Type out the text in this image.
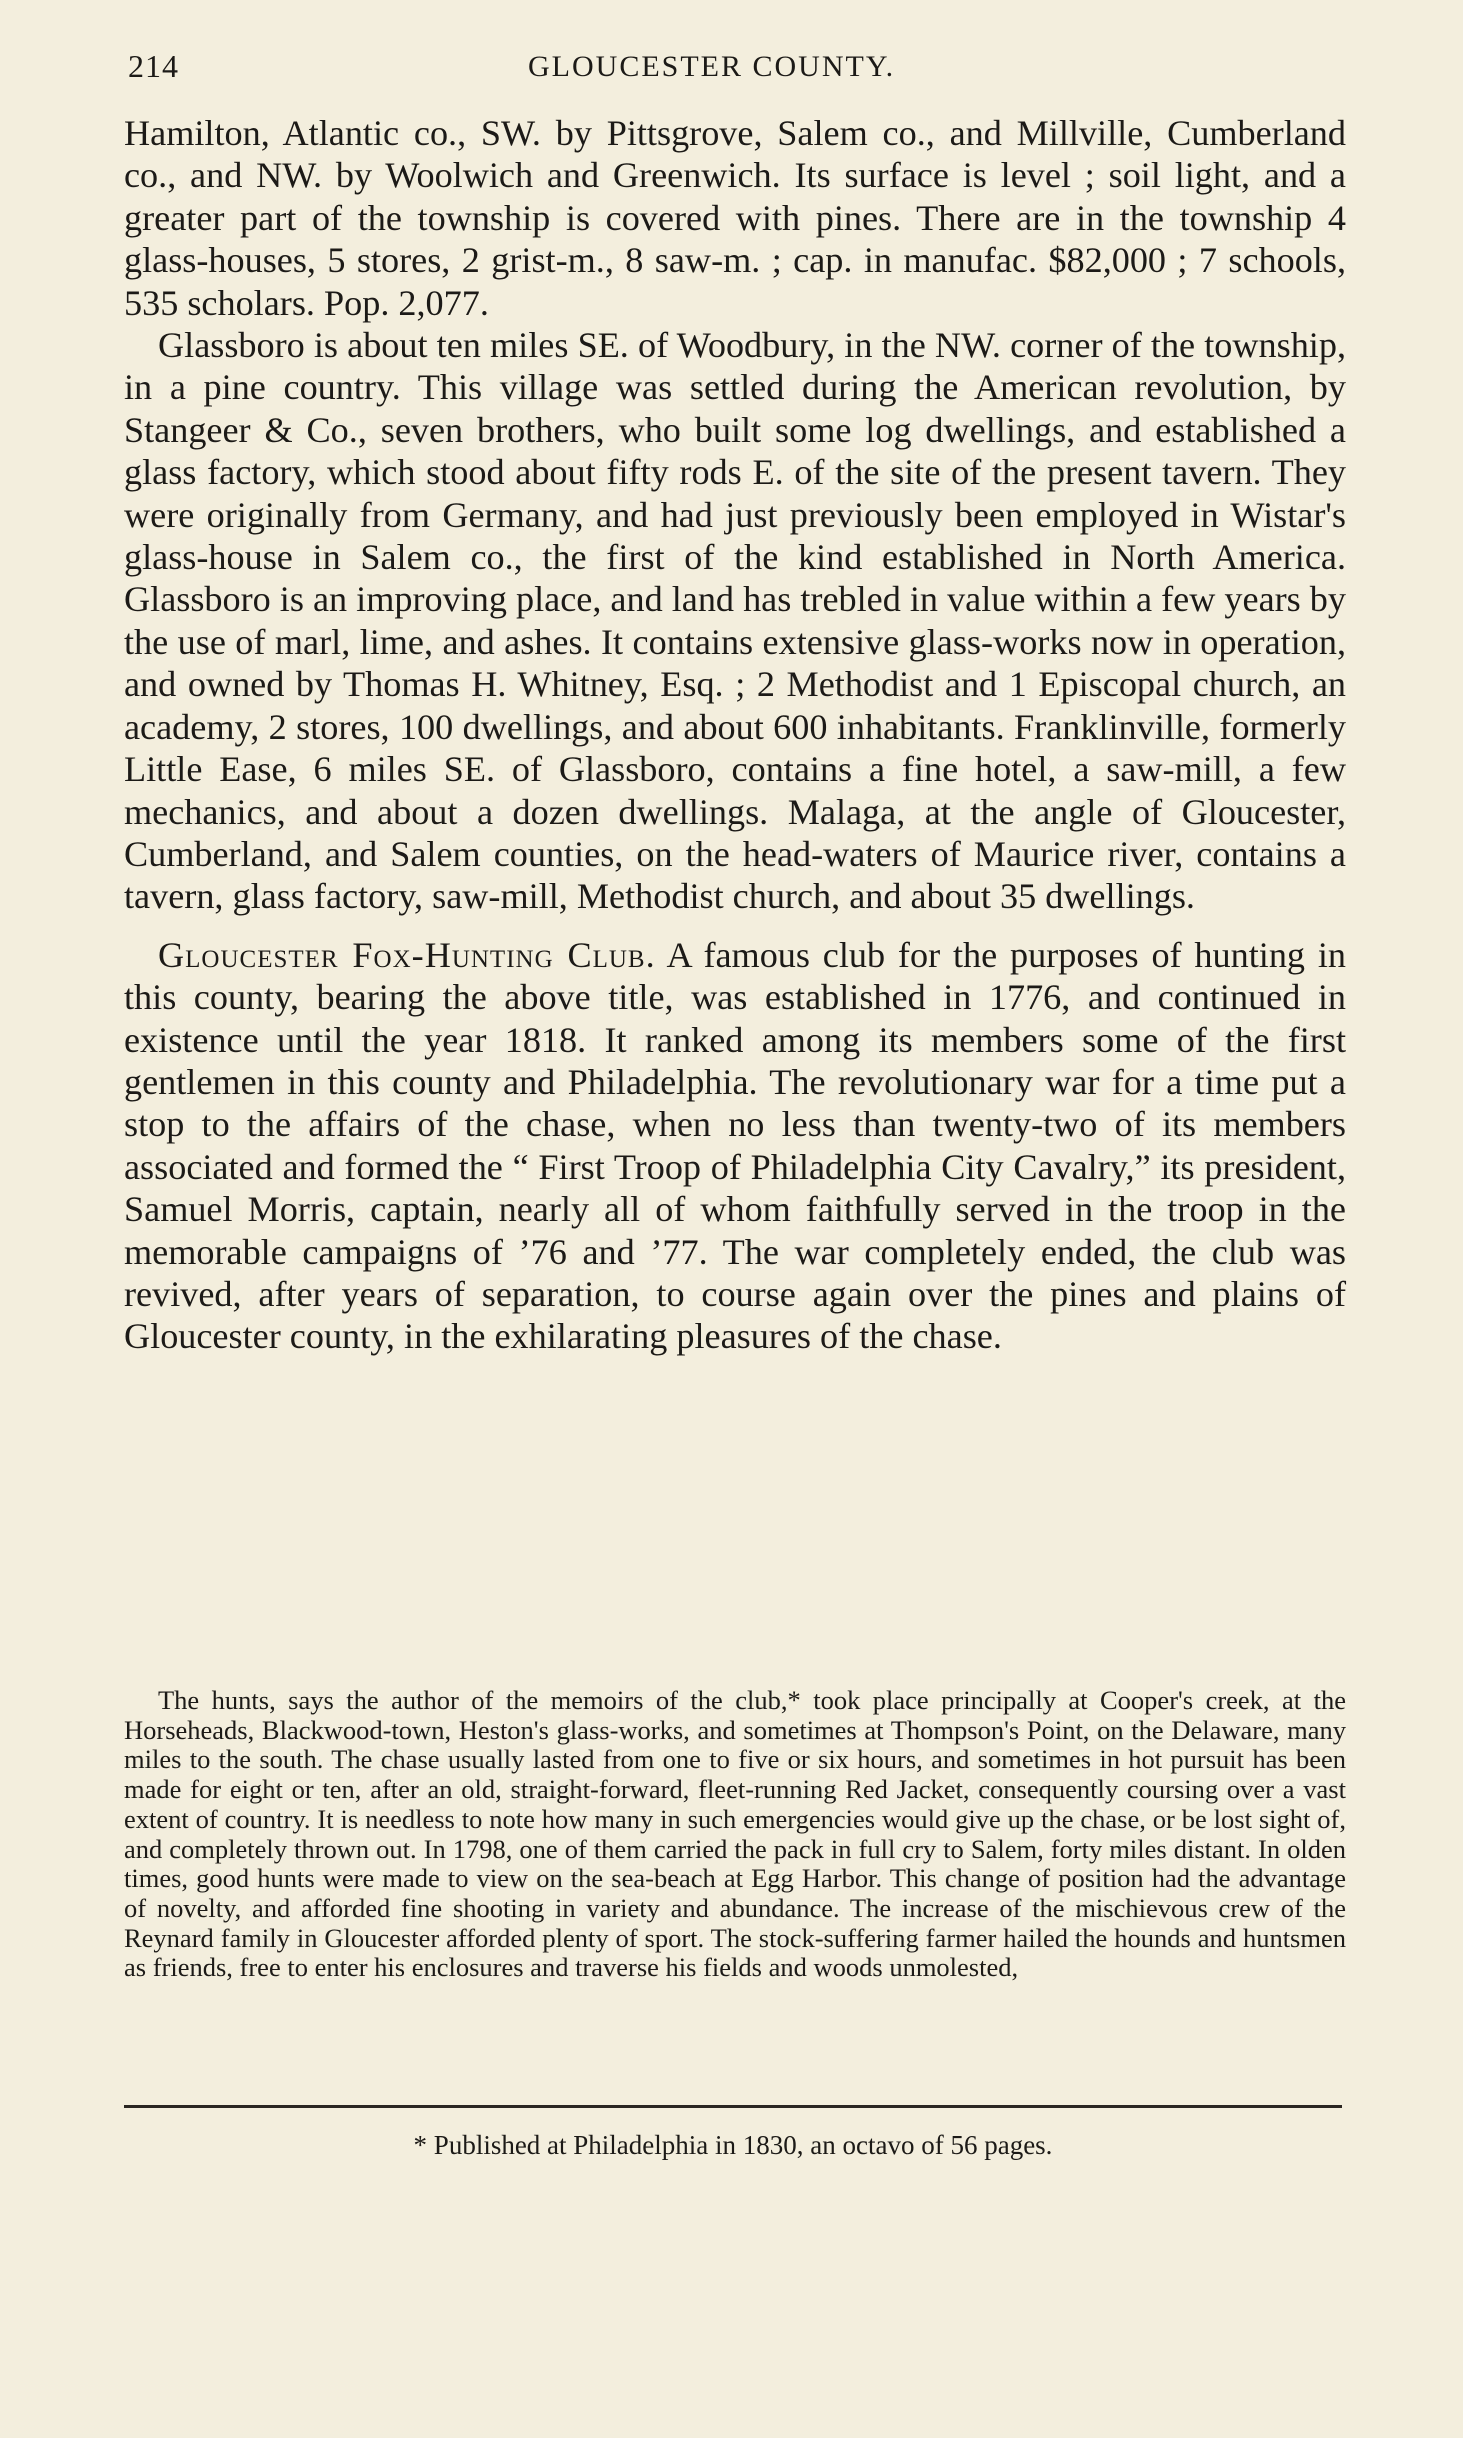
214	GLOUCESTER COUNTY.

Hamilton, Atlantic co., SW. by Pittsgrove, Salem co., and Millville, Cumberland co., and NW. by Woolwich and Greenwich. Its surface is level ; soil light, and a greater part of the township is covered with pines. There are in the township 4 glass-houses, 5 stores, 2 grist-m., 8 saw-m. ; cap. in manufac. $82,000 ; 7 schools, 535 scholars. Pop. 2,077.

Glassboro is about ten miles SE. of Woodbury, in the NW. corner of the township, in a pine country. This village was settled during the American revolution, by Stangeer & Co., seven brothers, who built some log dwellings, and established a glass factory, which stood about fifty rods E. of the site of the present tavern. They were originally from Germany, and had just previously been employed in Wistar's glass-house in Salem co., the first of the kind established in North America. Glassboro is an improving place, and land has trebled in value within a few years by the use of marl, lime, and ashes. It contains extensive glass-works now in operation, and owned by Thomas H. Whitney, Esq. ; 2 Methodist and 1 Episcopal church, an academy, 2 stores, 100 dwellings, and about 600 inhabitants. Franklinville, formerly Little Ease, 6 miles SE. of Glassboro, contains a fine hotel, a saw-mill, a few mechanics, and about a dozen dwellings. Malaga, at the angle of Gloucester, Cumberland, and Salem counties, on the head-waters of Maurice river, contains a tavern, glass factory, saw-mill, Methodist church, and about 35 dwellings.

Gloucester Fox-Hunting Club. A famous club for the purposes of hunting in this county, bearing the above title, was established in 1776, and continued in existence until the year 1818. It ranked among its members some of the first gentlemen in this county and Philadelphia. The revolutionary war for a time put a stop to the affairs of the chase, when no less than twenty-two of its members associated and formed the “ First Troop of Philadelphia City Cavalry,” its president, Samuel Morris, captain, nearly all of whom faithfully served in the troop in the memorable campaigns of ’76 and ’77. The war completely ended, the club was revived, after years of separation, to course again over the pines and plains of Gloucester county, in the exhilarating pleasures of the chase.

The hunts, says the author of the memoirs of the club,* took place principally at Cooper's creek, at the Horseheads, Blackwood-town, Heston's glass-works, and sometimes at Thompson's Point, on the Delaware, many miles to the south. The chase usually lasted from one to five or six hours, and sometimes in hot pursuit has been made for eight or ten, after an old, straight-forward, fleet-running Red Jacket, consequently coursing over a vast extent of country. It is needless to note how many in such emergencies would give up the chase, or be lost sight of, and completely thrown out. In 1798, one of them carried the pack in full cry to Salem, forty miles distant. In olden times, good hunts were made to view on the sea-beach at Egg Harbor. This change of position had the advantage of novelty, and afforded fine shooting in variety and abundance. The increase of the mischievous crew of the Reynard family in Gloucester afforded plenty of sport. The stock-suffering farmer hailed the hounds and huntsmen as friends, free to enter his enclosures and traverse his fields and woods unmolested,

* Published at Philadelphia in 1830, an octavo of 56 pages.
